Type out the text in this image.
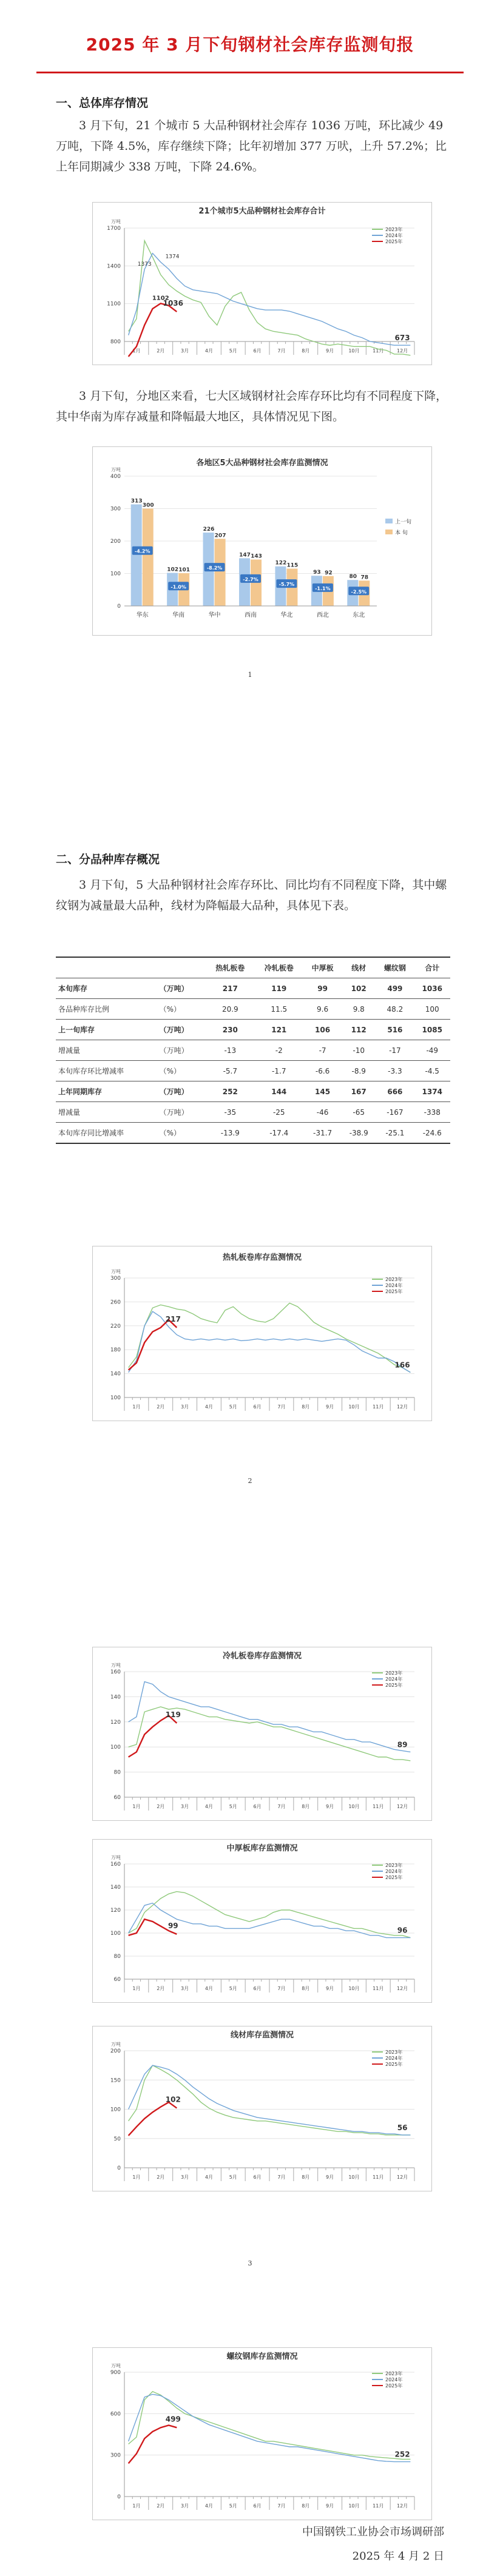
2025 年 3 月下旬钢材社会库存监测旬报
一、总体库存情况
3 月下旬，21 个城市 5 大品种钢材社会库存 1036 万吨，环比减少 49 万吨，下降 4.5%，库存继续下降；比年初增加 377 万吠，上升 57.2%；比上年同期减少 338 万吨，下降 24.6%。
21个城市5大品种钢材社会库存合计
万吨
800
1100
1400
1700
1月	2月	3月	4月	5月	6月	7月	8月	9月	10月	11月	12月
2023年
2024年
2025年
1036
673
1373
1374
1102
3 月下旬，分地区来看，七大区域钢材社会库存环比均有不同程度下降，其中华南为库存减量和降幅最大地区，具体情况见下图。
各地区5大品种钢材社会库存监测情况
万吨
0
100
200
300
400
313
300
-4.2%
华东
102 101
-1.0%
华南
226
207
-8.2%
华中
147 143
-2.7%
西南
122 115
-5.7%
华北
93 92
-1.1%
西北
80 78
-2.5%
东北
上一旬
本 旬
1
二、分品种库存概况
3 月下旬，5 大品种钢材社会库存环比、同比均有不同程度下降，其中螺纹钢为减量最大品种，线材为降幅最大品种，具体见下表。
		热轧板卷	冷轧板卷	中厚板	线材	螺纹钢	合计
本旬库存	（万吨）	217	119	99	102	499	1036
各品种库存比例	（%）	20.9	11.5	9.6	9.8	48.2	100
上一旬库存	（万吨）	230	121	106	112	516	1085
增减量	（万吨）	-13	-2	-7	-10	-17	-49
本旬库存环比增减率	（%）	-5.7	-1.7	-6.6	-8.9	-3.3	-4.5
上年同期库存	（万吨）	252	144	145	167	666	1374
增减量	（万吨）	-35	-25	-46	-65	-167	-338
本旬库存同比增减率	（%）	-13.9	-17.4	-31.7	-38.9	-25.1	-24.6
热轧板卷库存监测情况
万吨
100
140
180
220
260
300
1月	2月	3月	4月	5月	6月	7月	8月	9月	10月	11月	12月
2023年
2024年
2025年
217
166
2
冷轧板卷库存监测情况
万吨
60
80
100
120
140
160
1月	2月	3月	4月	5月	6月	7月	8月	9月	10月	11月	12月
2023年
2024年
2025年
119
89
中厚板库存监测情况
万吨
60
80
100
120
140
160
1月	2月	3月	4月	5月	6月	7月	8月	9月	10月	11月	12月
2023年
2024年
2025年
99
96
线材库存监测情况
万吨
0
50
100
150
200
1月	2月	3月	4月	5月	6月	7月	8月	9月	10月	11月	12月
2023年
2024年
2025年
102
56
3
螺纹钢库存监测情况
万吨
0
300
600
900
1月	2月	3月	4月	5月	6月	7月	8月	9月	10月	11月	12月
2023年
2024年
2025年
499
252
中国钢铁工业协会市场调研部
2025 年 4 月 2 日
